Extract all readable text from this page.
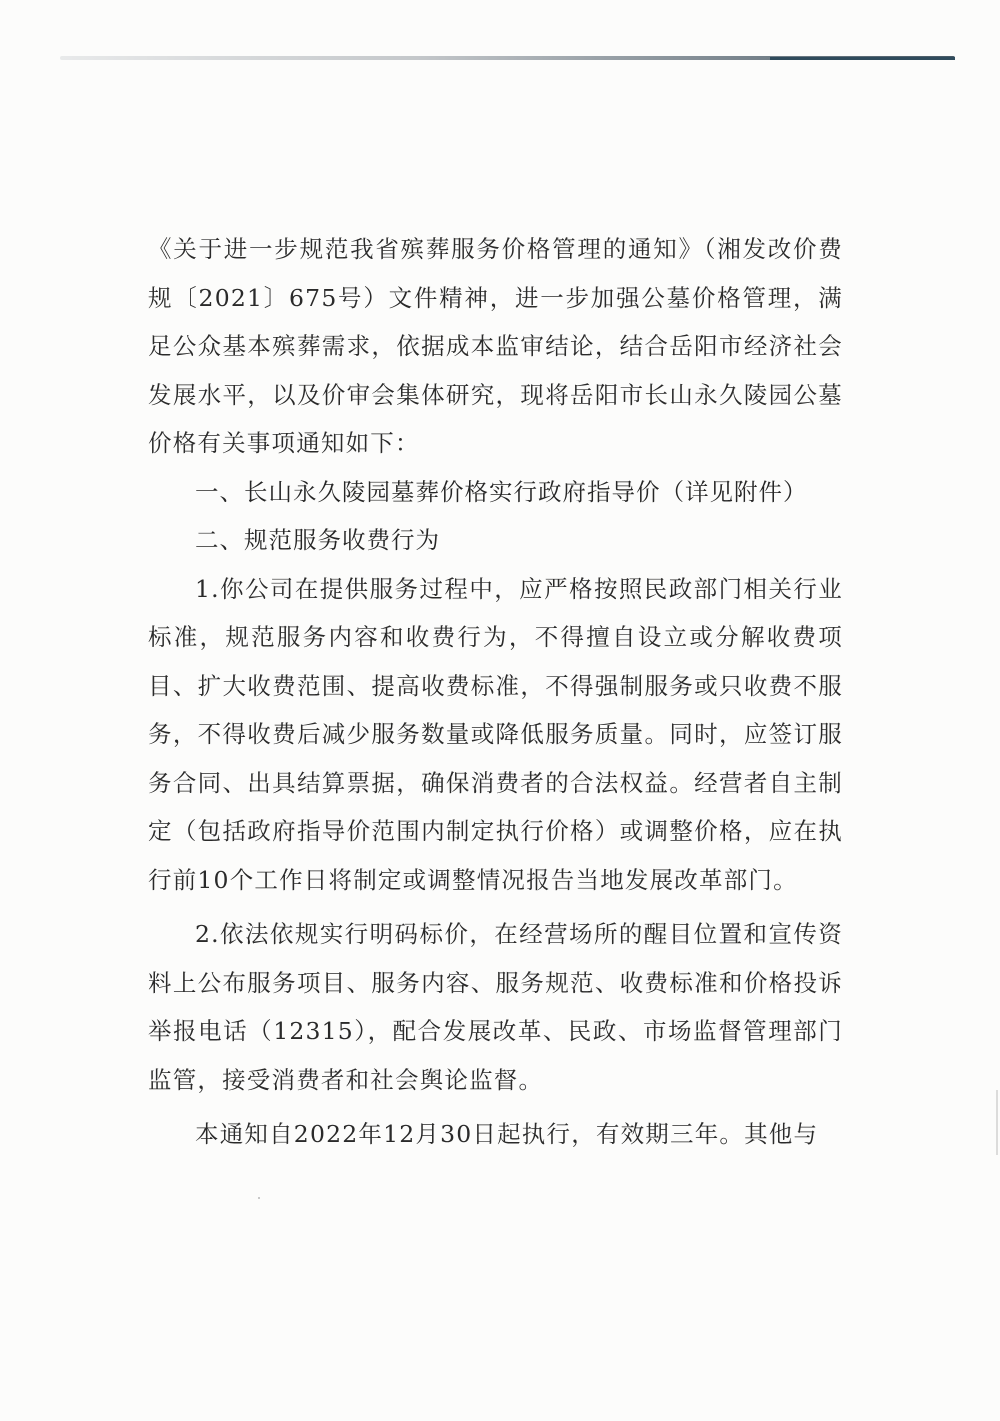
《关于进一步规范我省殡葬服务价格管理的通知》（湘发改价费规〔2021〕675号）文件精神，进一步加强公墓价格管理，满足公众基本殡葬需求，依据成本监审结论，结合岳阳市经济社会发展水平，以及价审会集体研究，现将岳阳市长山永久陵园公墓价格有关事项通知如下：

一、长山永久陵园墓葬价格实行政府指导价（详见附件）

二、规范服务收费行为

1.你公司在提供服务过程中，应严格按照民政部门相关行业标准，规范服务内容和收费行为，不得擅自设立或分解收费项目、扩大收费范围、提高收费标准，不得强制服务或只收费不服务，不得收费后减少服务数量或降低服务质量。同时，应签订服务合同、出具结算票据，确保消费者的合法权益。经营者自主制定（包括政府指导价范围内制定执行价格）或调整价格，应在执行前10个工作日将制定或调整情况报告当地发展改革部门。

2.依法依规实行明码标价，在经营场所的醒目位置和宣传资料上公布服务项目、服务内容、服务规范、收费标准和价格投诉举报电话（12315），配合发展改革、民政、市场监督管理部门监管，接受消费者和社会舆论监督。

本通知自2022年12月30日起执行，有效期三年。其他与
